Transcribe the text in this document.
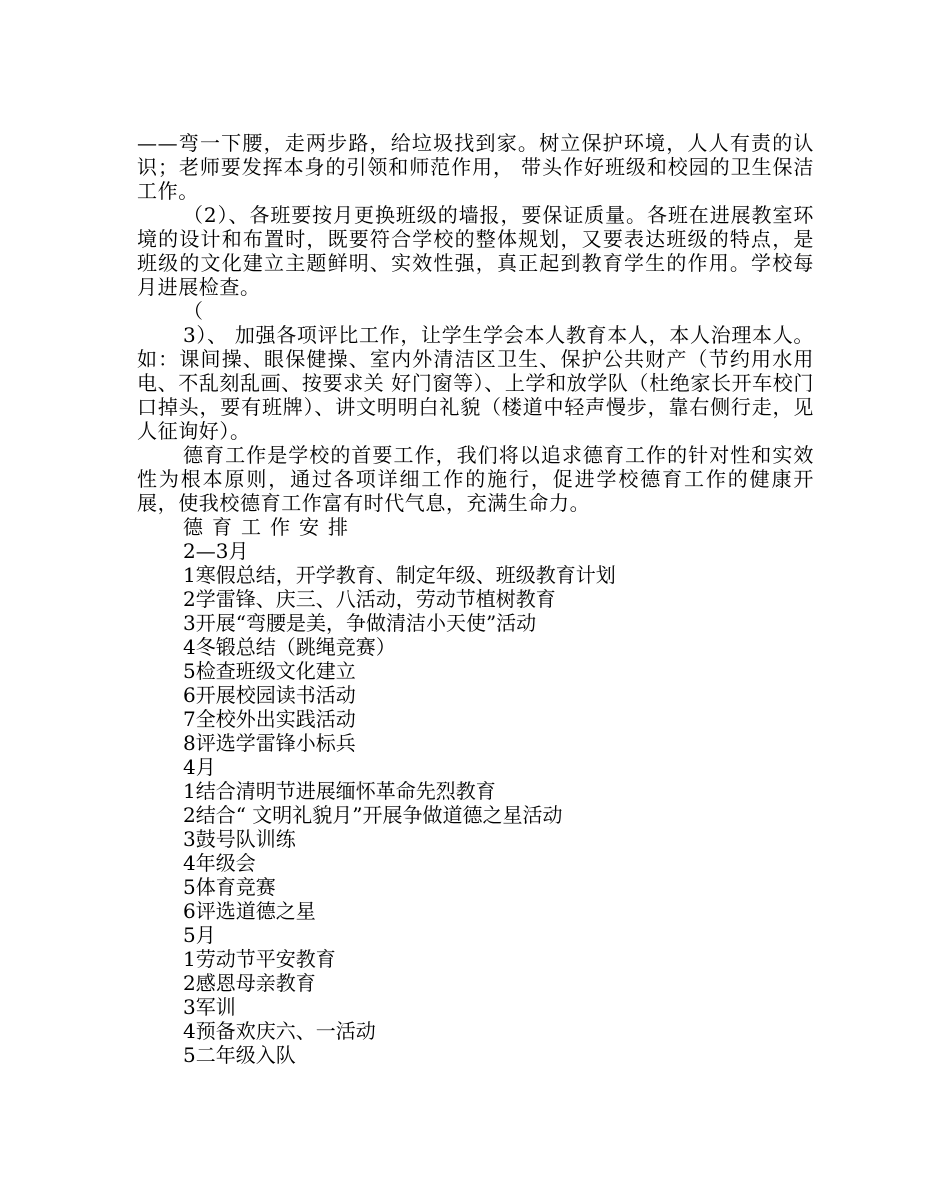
——弯一下腰，走两步路，给垃圾找到家。树立保护环境，人人有责的认识；老师要发挥本身的引领和师范作用， 带头作好班级和校园的卫生保洁工作。

（2）、各班要按月更换班级的墙报，要保证质量。各班在进展教室环境的设计和布置时，既要符合学校的整体规划，又要表达班级的特点，是班级的文化建立主题鲜明、实效性强，真正起到教育学生的作用。学校每月进展检查。

（

3）、 加强各项评比工作，让学生学会本人教育本人，本人治理本人。如：课间操、眼保健操、室内外清洁区卫生、保护公共财产（节约用水用电、不乱刻乱画、按要求关 好门窗等）、上学和放学队（杜绝家长开车校门口掉头，要有班牌）、讲文明明白礼貌（楼道中轻声慢步，靠右侧行走，见人征询好）。

德育工作是学校的首要工作，我们将以追求德育工作的针对性和实效性为根本原则，通过各项详细工作的施行，促进学校德育工作的健康开展，使我校德育工作富有时代气息，充满生命力。

德育工作安排

2—3月

1寒假总结，开学教育、制定年级、班级教育计划

2学雷锋、庆三、八活动，劳动节植树教育

3开展“弯腰是美，争做清洁小天使”活动

4冬锻总结（跳绳竞赛）

5检查班级文化建立

6开展校园读书活动

7全校外出实践活动

8评选学雷锋小标兵

4月

1结合清明节进展缅怀革命先烈教育

2结合“ 文明礼貌月”开展争做道德之星活动

3鼓号队训练

4年级会

5体育竞赛

6评选道德之星

5月

1劳动节平安教育

2感恩母亲教育

3军训

4预备欢庆六、一活动

5二年级入队
